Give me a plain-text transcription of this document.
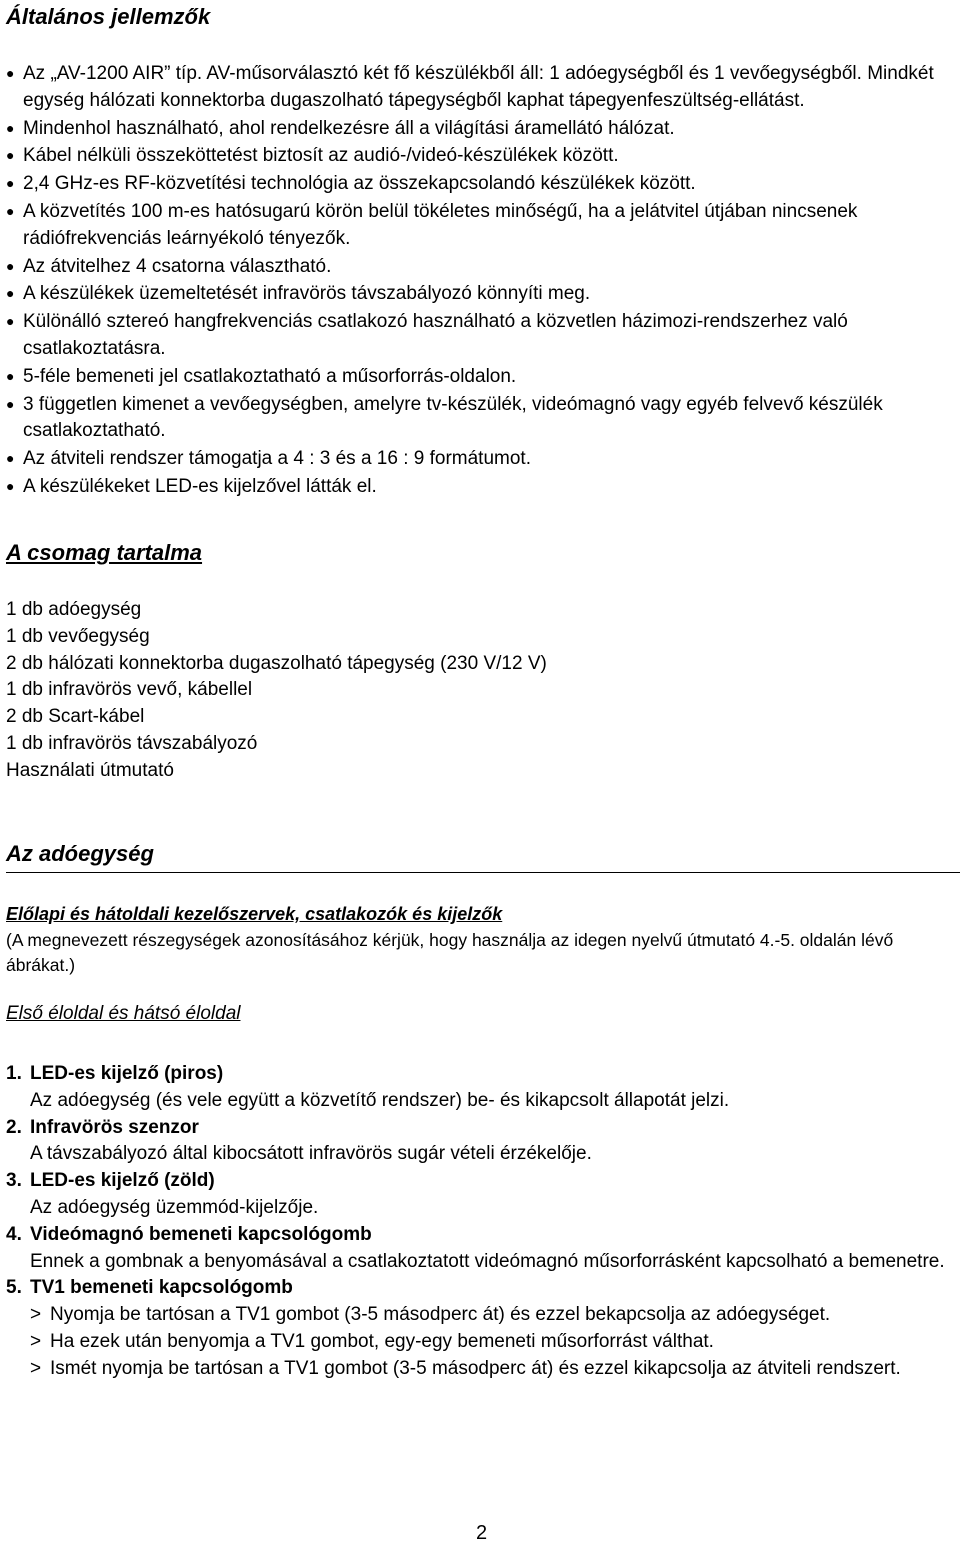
Általános jellemzők
● Az „AV-1200 AIR” típ. AV-műsorválasztó két fő készülékből áll: 1 adóegységből és 1 vevőegységből. Mindkét egység hálózati konnektorba dugaszolható tápegységből kaphat tápegyenfeszültség-ellátást.
● Mindenhol használható, ahol rendelkezésre áll a világítási áramellátó hálózat.
● Kábel nélküli összeköttetést biztosít az audió-/videó-készülékek között.
● 2,4 GHz-es RF-közvetítési technológia az összekapcsolandó készülékek között.
● A közvetítés 100 m-es hatósugarú körön belül tökéletes minőségű, ha a jelátvitel útjában nincsenek rádiófrekvenciás leárnyékoló tényezők.
● Az átvitelhez 4 csatorna választható.
● A készülékek üzemeltetését infravörös távszabályozó könnyíti meg.
● Különálló sztereó hangfrekvenciás csatlakozó használható a közvetlen házimozi-rendszerhez való csatlakoztatásra.
● 5-féle bemeneti jel csatlakoztatható a műsorforrás-oldalon.
● 3 független kimenet a vevőegységben, amelyre tv-készülék, videómagnó vagy egyéb felvevő készülék csatlakoztatható.
● Az átviteli rendszer támogatja a 4 : 3 és a 16 : 9 formátumot.
● A készülékeket LED-es kijelzővel látták el.
A csomag tartalma
1 db adóegység
1 db vevőegység
2 db hálózati konnektorba dugaszolható tápegység (230 V/12 V)
1 db infravörös vevő, kábellel
2 db Scart-kábel
1 db infravörös távszabályozó
Használati útmutató
Az adóegység
Előlapi és hátoldali kezelőszervek, csatlakozók és kijelzők
(A megnevezett részegységek azonosításához kérjük, hogy használja az idegen nyelvű útmutató 4.-5. oldalán lévő ábrákat.)
Első éloldal és hátsó éloldal
1. LED-es kijelző (piros)
Az adóegység (és vele együtt a közvetítő rendszer) be- és kikapcsolt állapotát jelzi.
2. Infravörös szenzor
A távszabályozó által kibocsátott infravörös sugár vételi érzékelője.
3. LED-es kijelző (zöld)
Az adóegység üzemmód-kijelzője.
4. Videómagnó bemeneti kapcsológomb
Ennek a gombnak a benyomásával a csatlakoztatott videómagnó műsorforrásként kapcsolható a bemenetre.
5. TV1 bemeneti kapcsológomb
> Nyomja be tartósan a TV1 gombot (3-5 másodperc át) és ezzel bekapcsolja az adóegységet.
> Ha ezek után benyomja a TV1 gombot, egy-egy bemeneti műsorforrást válthat.
> Ismét nyomja be tartósan a TV1 gombot (3-5 másodperc át) és ezzel kikapcsolja az átviteli rendszert.
2
